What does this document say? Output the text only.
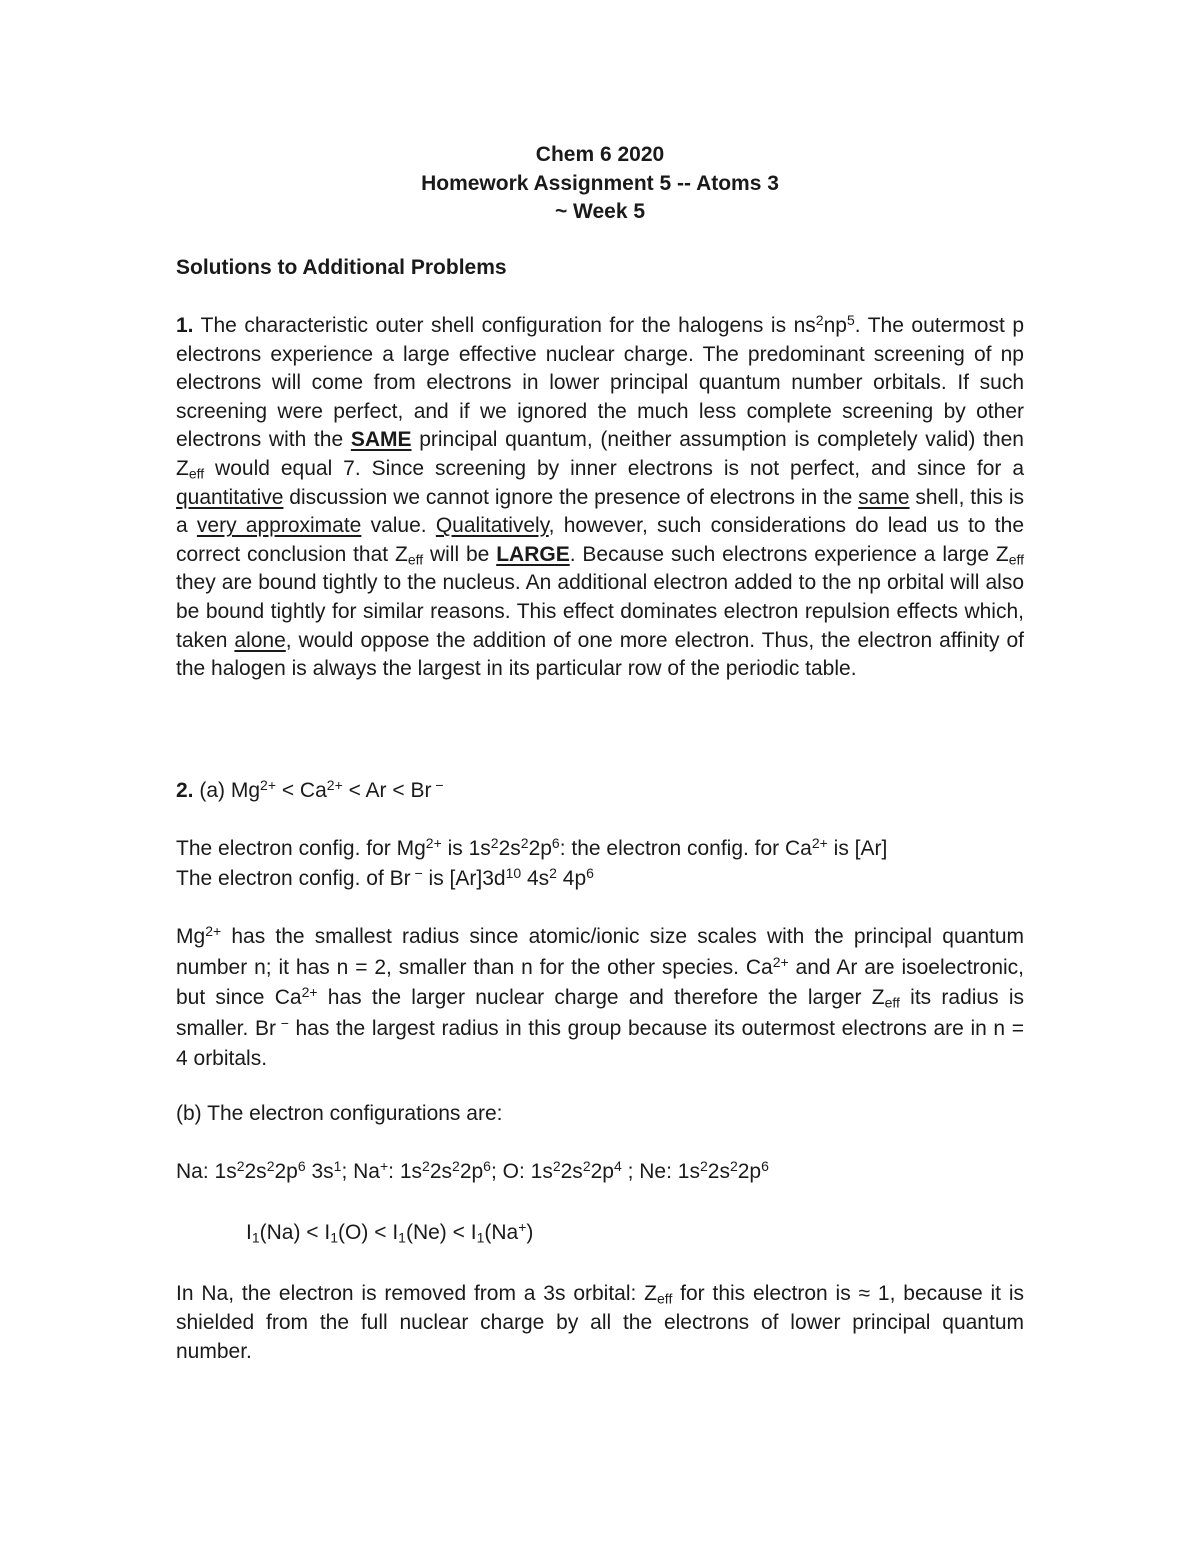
Chem 6 2020
Homework Assignment 5 -- Atoms 3
~ Week 5
Solutions to Additional Problems
1. The characteristic outer shell configuration for the halogens is $ns^2np^5$. The outermost p electrons experience a large effective nuclear charge. The predominant screening of np electrons will come from electrons in lower principal quantum number orbitals. If such screening were perfect, and if we ignored the much less complete screening by other electrons with the SAME principal quantum, (neither assumption is completely valid) then $Z_{eff}$ would equal 7. Since screening by inner electrons is not perfect, and since for a quantitative discussion we cannot ignore the presence of electrons in the same shell, this is a very approximate value. Qualitatively, however, such considerations do lead us to the correct conclusion that $Z_{eff}$ will be LARGE. Because such electrons experience a large $Z_{eff}$ they are bound tightly to the nucleus. An additional electron added to the np orbital will also be bound tightly for similar reasons. This effect dominates electron repulsion effects which, taken alone, would oppose the addition of one more electron. Thus, the electron affinity of the halogen is always the largest in its particular row of the periodic table.
2. (a) $Mg^{2+} < Ca^{2+} < Ar < Br$ −
The electron config. for $Mg^{2+}$ is $1s^22s^22p^6$: the electron config. for $Ca^{2+}$ is [Ar]
The electron config. of Br − is $[Ar]3d^{10}$ $4s^2$ $4p^6$
$Mg^{2+}$ has the smallest radius since atomic/ionic size scales with the principal quantum number n; it has n = 2, smaller than n for the other species. $Ca^{2+}$ and Ar are isoelectronic, but since $Ca^{2+}$ has the larger nuclear charge and therefore the larger $Z_{eff}$ its radius is smaller. Br − has the largest radius in this group because its outermost electrons are in n = 4 orbitals.
(b) The electron configurations are:
Na: $1s^22s^22p^6$ $3s^1$; Na+: $1s^22s^22p^6$; O: $1s^22s^22p^4$ ; Ne: $1s^22s^22p^6$
$I_1(Na) < I_1(O) < I_1(Ne) < I_1(Na^+)$
In Na, the electron is removed from a 3s orbital: $Z_{eff}$ for this electron is ≈ 1, because it is shielded from the full nuclear charge by all the electrons of lower principal quantum number.
